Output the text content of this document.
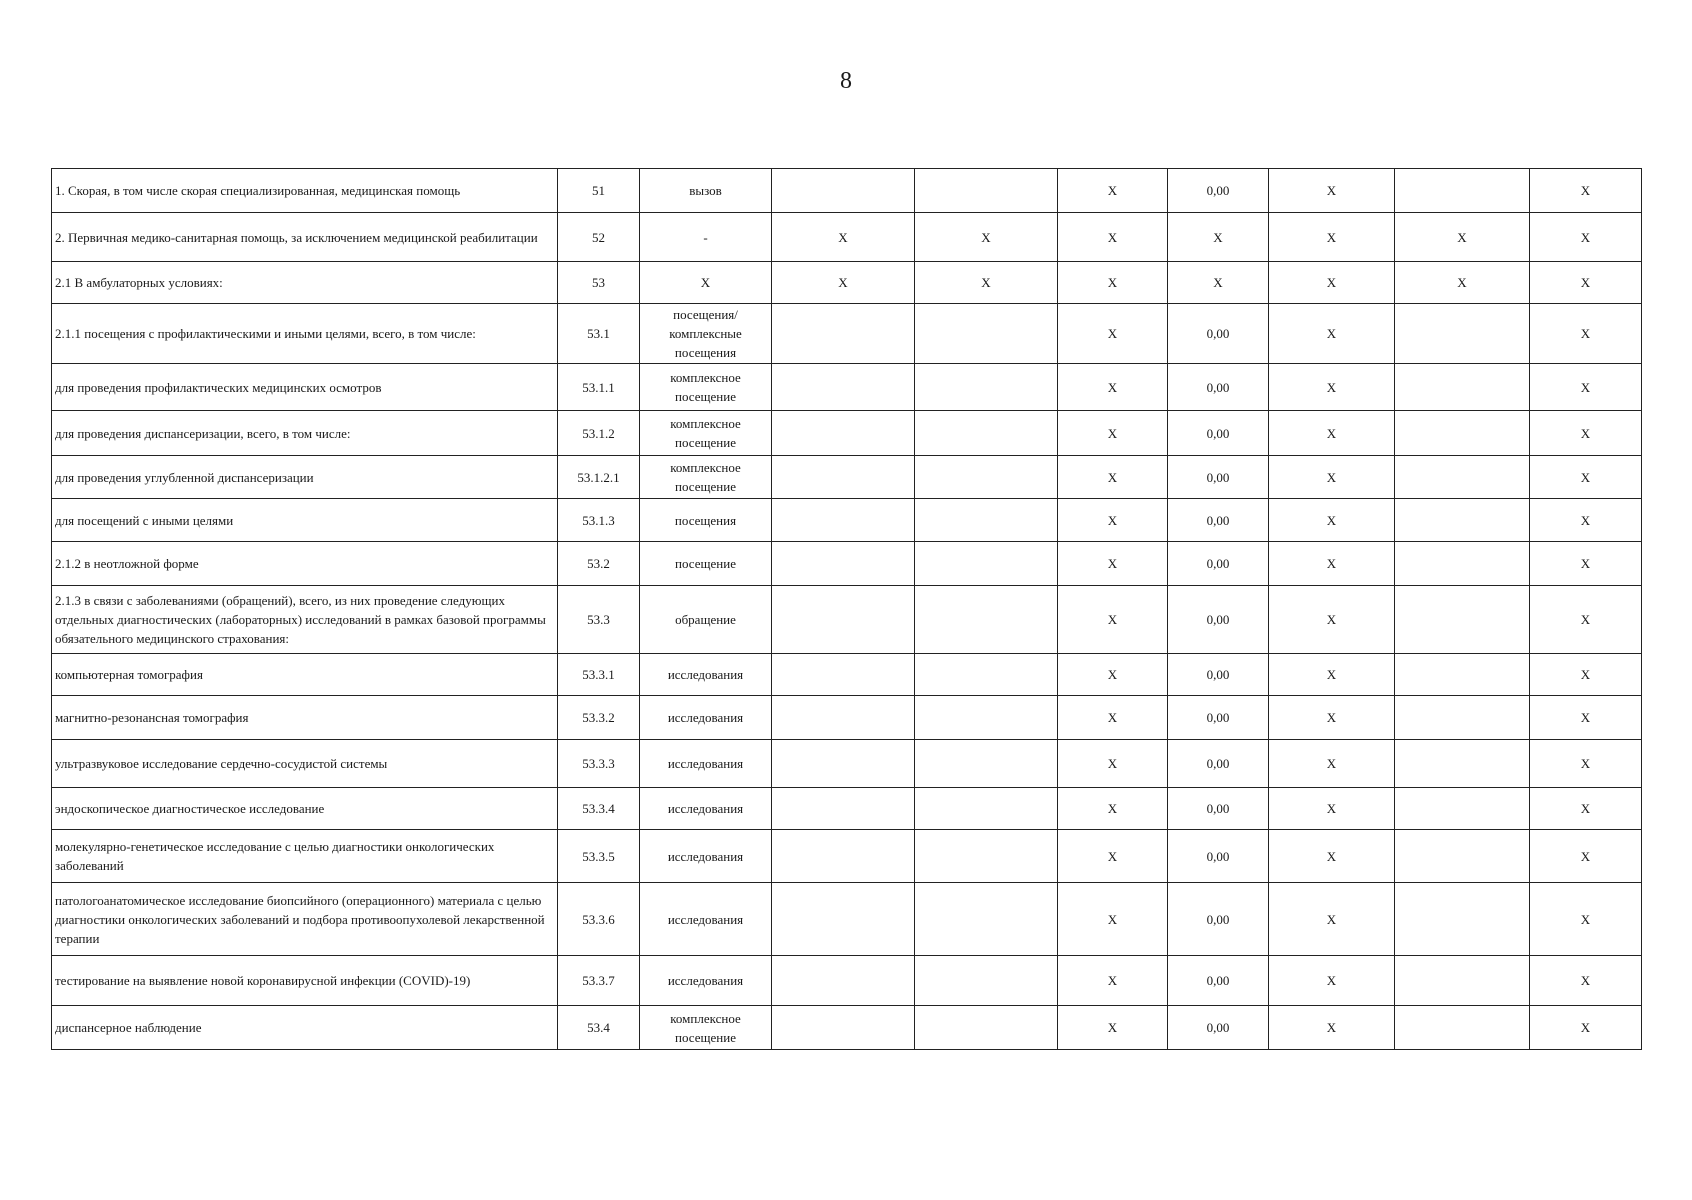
8
1. Скорая, в том числе скорая специализированная, медицинская помощь	51	вызов			Х	0,00	Х		Х
2. Первичная медико-санитарная помощь, за исключением медицинской реабилитации	52	-	Х	Х	Х	Х	Х	Х	Х
2.1 В амбулаторных условиях:	53	Х	Х	Х	Х	Х	Х	Х	Х
2.1.1 посещения с профилактическими и иными целями, всего, в том числе:	53.1	посещения/комплексные посещения			Х	0,00	Х		Х
для проведения профилактических медицинских осмотров	53.1.1	комплексное посещение			Х	0,00	Х		Х
для проведения диспансеризации, всего, в том числе:	53.1.2	комплексное посещение			Х	0,00	Х		Х
для проведения углубленной диспансеризации	53.1.2.1	комплексное посещение			Х	0,00	Х		Х
для посещений с иными целями	53.1.3	посещения			Х	0,00	Х		Х
2.1.2 в неотложной форме	53.2	посещение			Х	0,00	Х		Х
2.1.3 в связи с заболеваниями (обращений), всего, из них проведение следующих отдельных диагностических (лабораторных) исследований в рамках базовой программы обязательного медицинского страхования:	53.3	обращение			Х	0,00	Х		Х
компьютерная томография	53.3.1	исследования			Х	0,00	Х		Х
магнитно-резонансная томография	53.3.2	исследования			Х	0,00	Х		Х
ультразвуковое исследование сердечно-сосудистой системы	53.3.3	исследования			Х	0,00	Х		Х
эндоскопическое диагностическое исследование	53.3.4	исследования			Х	0,00	Х		Х
молекулярно-генетическое исследование с целью диагностики онкологических заболеваний	53.3.5	исследования			Х	0,00	Х		Х
патологоанатомическое исследование биопсийного (операционного) материала с целью диагностики онкологических заболеваний и подбора противоопухолевой лекарственной терапии	53.3.6	исследования			Х	0,00	Х		Х
тестирование на выявление новой коронавирусной инфекции (COVID)-19)	53.3.7	исследования			Х	0,00	Х		Х
диспансерное наблюдение	53.4	комплексное посещение			Х	0,00	Х		Х
